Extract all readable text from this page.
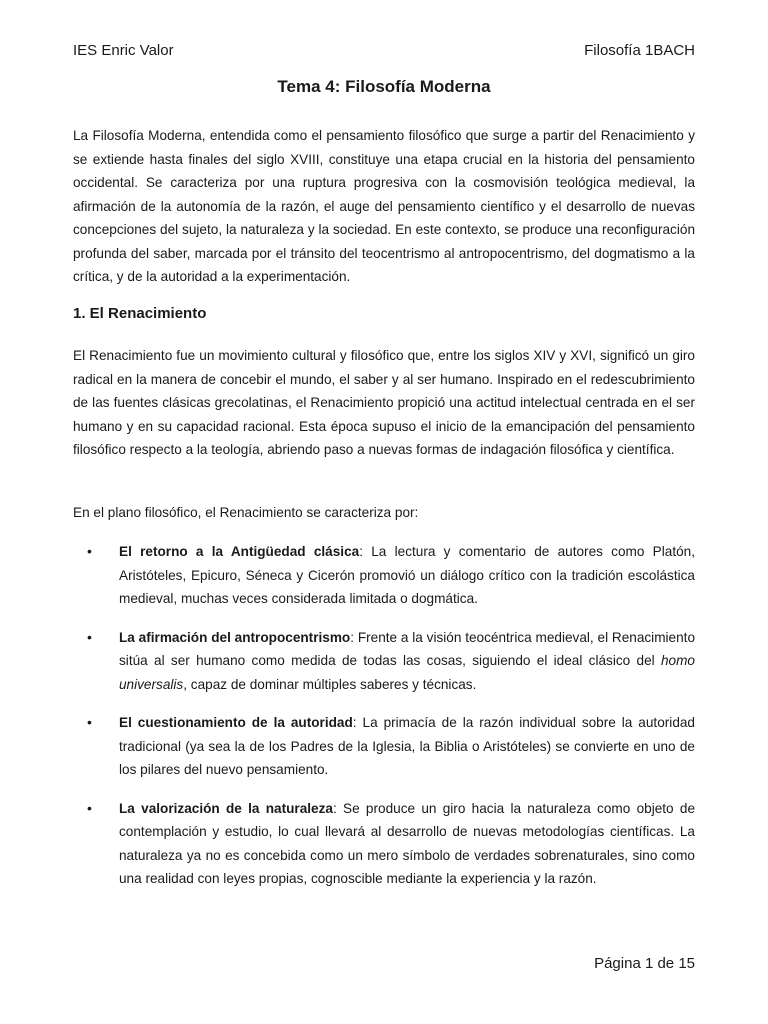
IES Enric Valor	Filosofía 1BACH
Tema 4: Filosofía Moderna

La Filosofía Moderna, entendida como el pensamiento filosófico que surge a partir del Renacimiento y se extiende hasta finales del siglo XVIII, constituye una etapa crucial en la historia del pensamiento occidental. Se caracteriza por una ruptura progresiva con la cosmovisión teológica medieval, la afirmación de la autonomía de la razón, el auge del pensamiento científico y el desarrollo de nuevas concepciones del sujeto, la naturaleza y la sociedad. En este contexto, se produce una reconfiguración profunda del saber, marcada por el tránsito del teocentrismo al antropocentrismo, del dogmatismo a la crítica, y de la autoridad a la experimentación.

1. El Renacimiento

El Renacimiento fue un movimiento cultural y filosófico que, entre los siglos XIV y XVI, significó un giro radical en la manera de concebir el mundo, el saber y al ser humano. Inspirado en el redescubrimiento de las fuentes clásicas grecolatinas, el Renacimiento propició una actitud intelectual centrada en el ser humano y en su capacidad racional. Esta época supuso el inicio de la emancipación del pensamiento filosófico respecto a la teología, abriendo paso a nuevas formas de indagación filosófica y científica.

En el plano filosófico, el Renacimiento se caracteriza por:

• El retorno a la Antigüedad clásica: La lectura y comentario de autores como Platón, Aristóteles, Epicuro, Séneca y Cicerón promovió un diálogo crítico con la tradición escolástica medieval, muchas veces considerada limitada o dogmática.

• La afirmación del antropocentrismo: Frente a la visión teocéntrica medieval, el Renacimiento sitúa al ser humano como medida de todas las cosas, siguiendo el ideal clásico del homo universalis, capaz de dominar múltiples saberes y técnicas.

• El cuestionamiento de la autoridad: La primacía de la razón individual sobre la autoridad tradicional (ya sea la de los Padres de la Iglesia, la Biblia o Aristóteles) se convierte en uno de los pilares del nuevo pensamiento.

• La valorización de la naturaleza: Se produce un giro hacia la naturaleza como objeto de contemplación y estudio, lo cual llevará al desarrollo de nuevas metodologías científicas. La naturaleza ya no es concebida como un mero símbolo de verdades sobrenaturales, sino como una realidad con leyes propias, cognoscible mediante la experiencia y la razón.

Página 1 de 15
